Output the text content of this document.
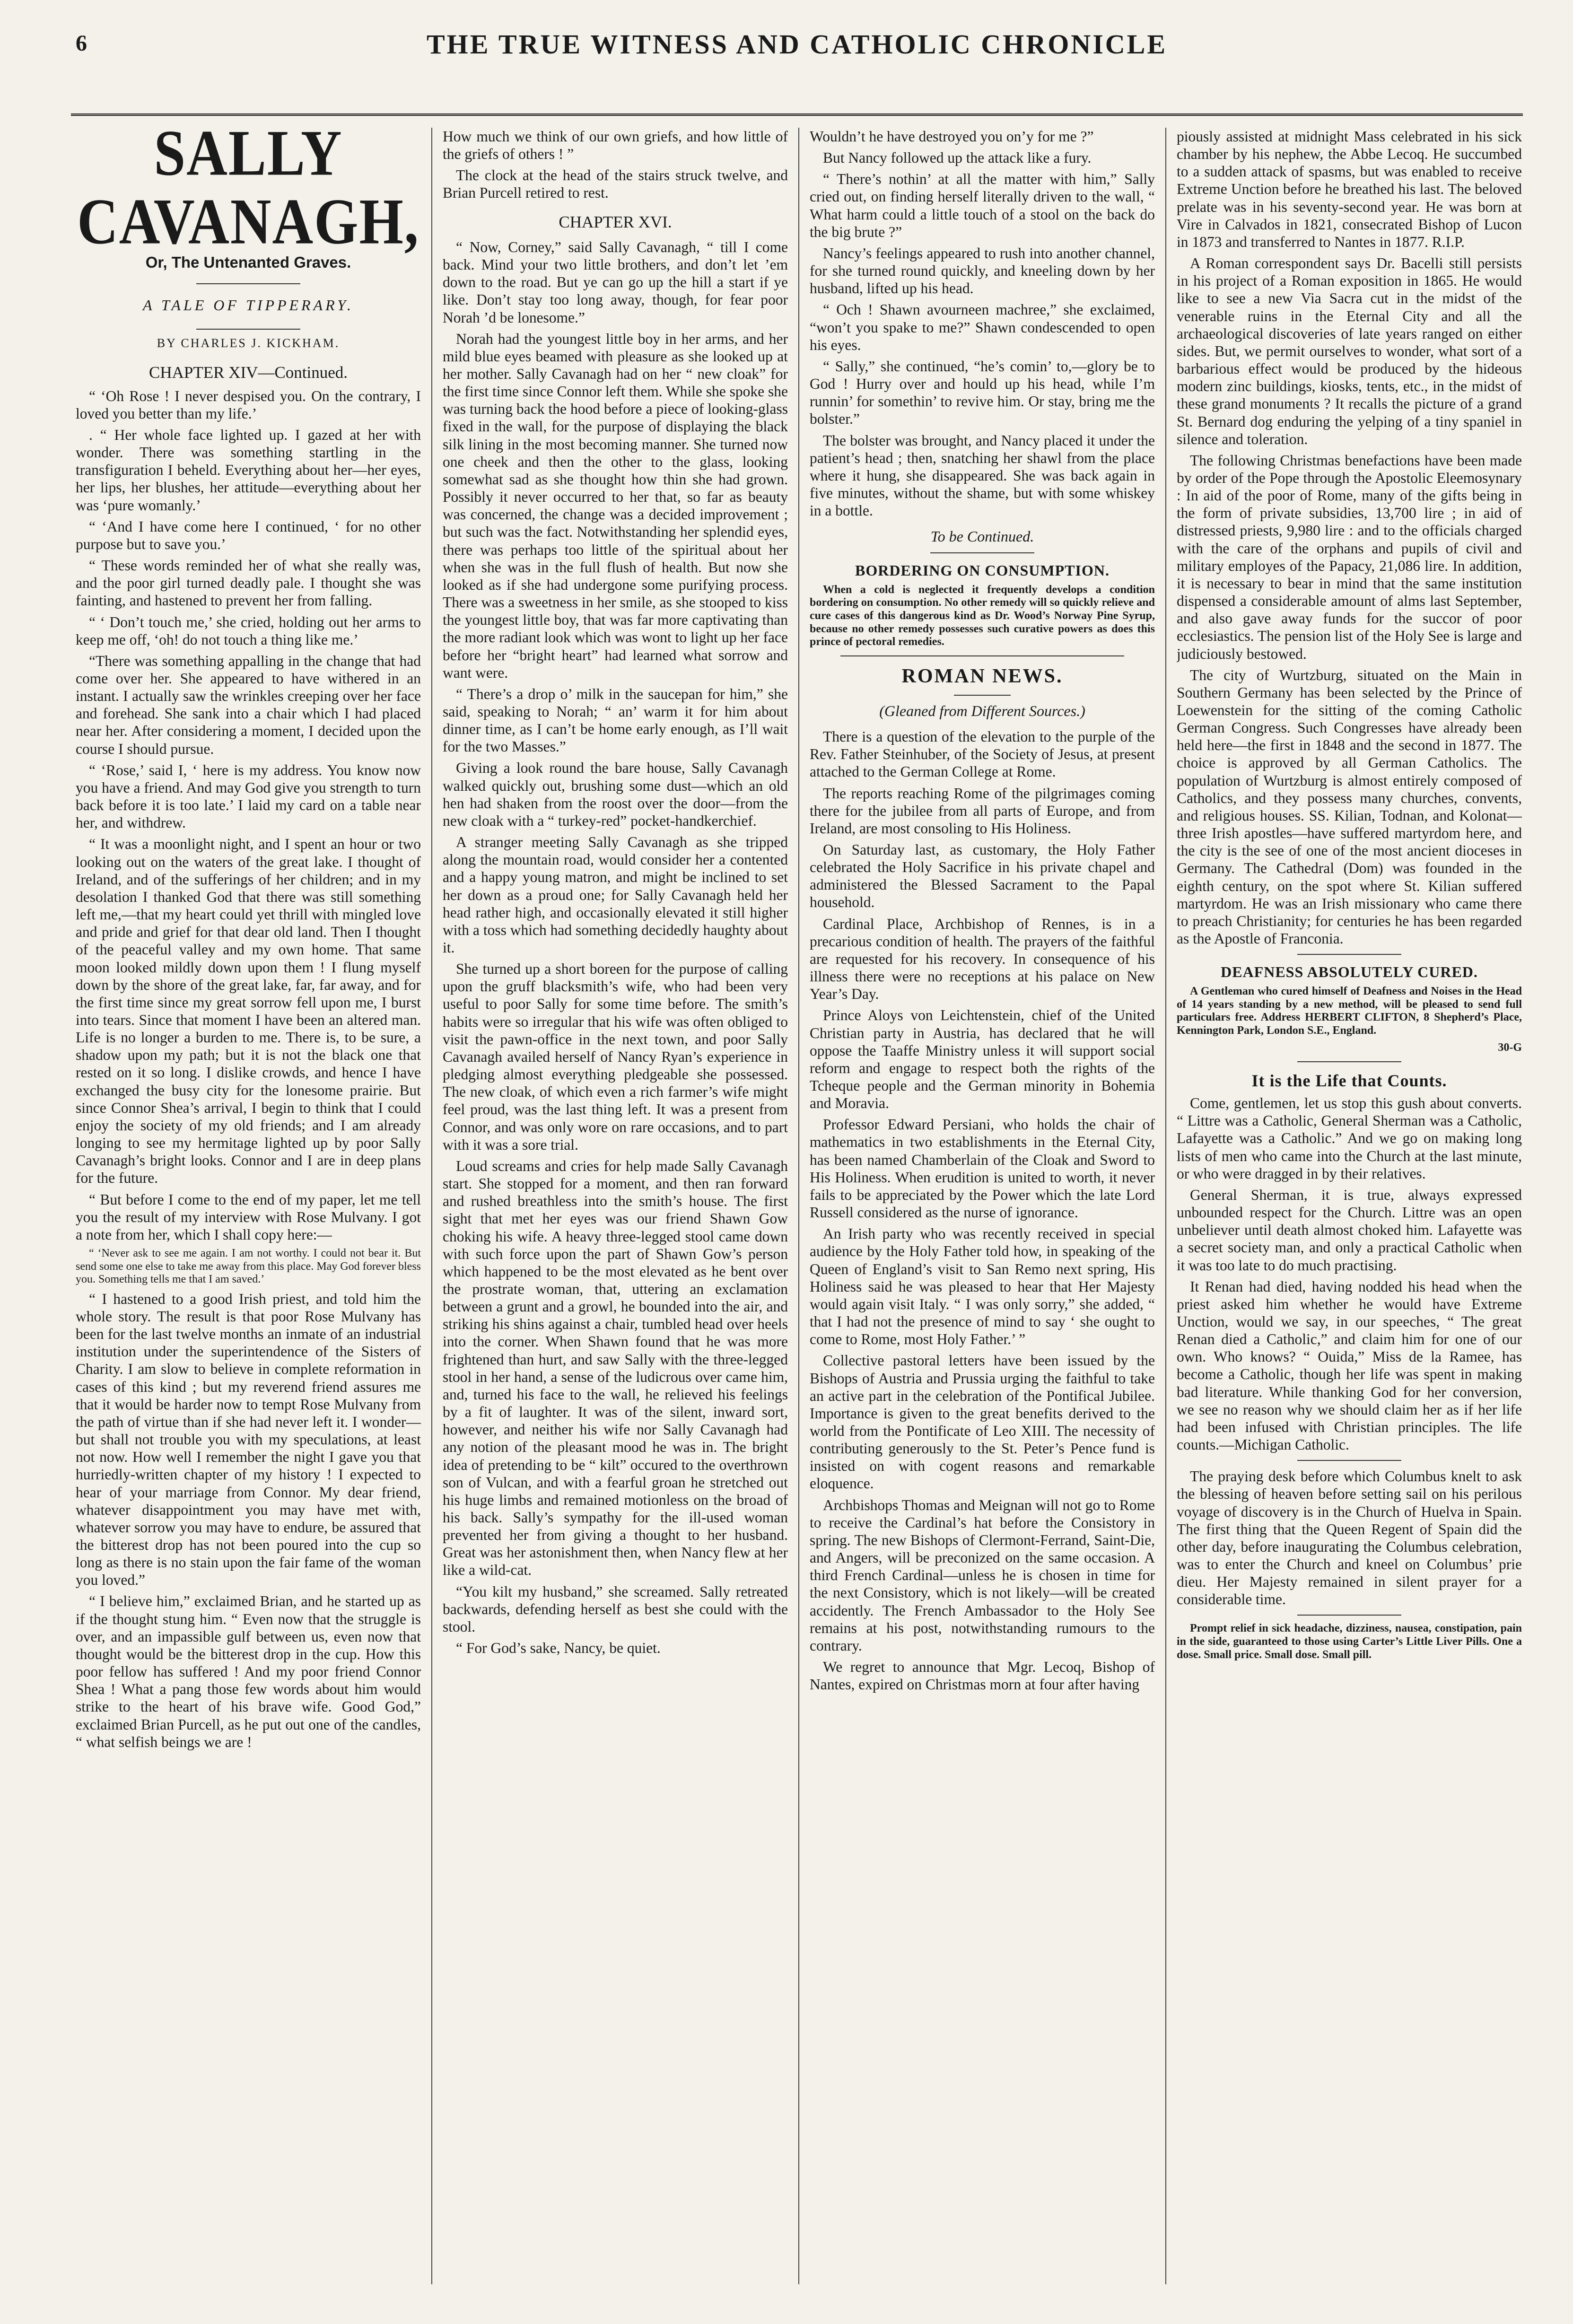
6	THE TRUE WITNESS AND CATHOLIC CHRONICLE
SALLY CAVANAGH,
Or, The Untenanted Graves.
A TALE OF TIPPERARY.
BY CHARLES J. KICKHAM.
CHAPTER XIV—Continued.

“ ‘Oh Rose ! I never despised you. On the contrary, I loved you better than my life.’

. “ Her whole face lighted up. I gazed at her with wonder. There was something startling in the transfiguration I beheld. Everything about her—her eyes, her lips, her blushes, her attitude—everything about her was ‘pure womanly.’

“ ‘And I have come here I continued, ‘ for no other purpose but to save you.’

“ These words reminded her of what she really was, and the poor girl turned deadly pale. I thought she was fainting, and hastened to prevent her from falling.

“ ‘ Don’t touch me,’ she cried, holding out her arms to keep me off, ‘oh! do not touch a thing like me.’

“There was something appalling in the change that had come over her. She appeared to have withered in an instant. I actually saw the wrinkles creeping over her face and forehead. She sank into a chair which I had placed near her. After considering a moment, I decided upon the course I should pursue.

“ ‘Rose,’ said I, ‘ here is my address. You know now you have a friend. And may God give you strength to turn back before it is too late.’ I laid my card on a table near her, and withdrew.

“ It was a moonlight night, and I spent an hour or two looking out on the waters of the great lake. I thought of Ireland, and of the sufferings of her children; and in my desolation I thanked God that there was still something left me,—that my heart could yet thrill with mingled love and pride and grief for that dear old land. Then I thought of the peaceful valley and my own home. That same moon looked mildly down upon them ! I flung myself down by the shore of the great lake, far, far away, and for the first time since my great sorrow fell upon me, I burst into tears. Since that moment I have been an altered man. Life is no longer a burden to me. There is, to be sure, a shadow upon my path; but it is not the black one that rested on it so long. I dislike crowds, and hence I have exchanged the busy city for the lonesome prairie. But since Connor Shea’s arrival, I begin to think that I could enjoy the society of my old friends; and I am already longing to see my hermitage lighted up by poor Sally Cavanagh’s bright looks. Connor and I are in deep plans for the future.

“ But before I come to the end of my paper, let me tell you the result of my interview with Rose Mulvany. I got a note from her, which I shall copy here:—

“ ‘Never ask to see me again. I am not worthy. I could not bear it. But send some one else to take me away from this place. May God forever bless you. Something tells me that I am saved.’

“ I hastened to a good Irish priest, and told him the whole story. The result is that poor Rose Mulvany has been for the last twelve months an inmate of an industrial institution under the superintendence of the Sisters of Charity. I am slow to believe in complete reformation in cases of this kind ; but my reverend friend assures me that it would be harder now to tempt Rose Mulvany from the path of virtue than if she had never left it. I wonder—but shall not trouble you with my speculations, at least not now. How well I remember the night I gave you that hurriedly-written chapter of my history ! I expected to hear of your marriage from Connor. My dear friend, whatever disappointment you may have met with, whatever sorrow you may have to endure, be assured that the bitterest drop has not been poured into the cup so long as there is no stain upon the fair fame of the woman you loved.”

“ I believe him,” exclaimed Brian, and he started up as if the thought stung him. “ Even now that the struggle is over, and an impassible gulf between us, even now that thought would be the bitterest drop in the cup. How this poor fellow has suffered ! And my poor friend Connor Shea ! What a pang those few words about him would strike to the heart of his brave wife. Good God,” exclaimed Brian Purcell, as he put out one of the candles, “ what selfish beings we are !

How much we think of our own griefs, and how little of the griefs of others ! ”

The clock at the head of the stairs struck twelve, and Brian Purcell retired to rest.

CHAPTER XVI.

“ Now, Corney,” said Sally Cavanagh, “ till I come back. Mind your two little brothers, and don’t let ’em down to the road. But ye can go up the hill a start if ye like. Don’t stay too long away, though, for fear poor Norah ’d be lonesome.”

Norah had the youngest little boy in her arms, and her mild blue eyes beamed with pleasure as she looked up at her mother. Sally Cavanagh had on her “ new cloak” for the first time since Connor left them. While she spoke she was turning back the hood before a piece of looking-glass fixed in the wall, for the purpose of displaying the black silk lining in the most becoming manner. She turned now one cheek and then the other to the glass, looking somewhat sad as she thought how thin she had grown. Possibly it never occurred to her that, so far as beauty was concerned, the change was a decided improvement ; but such was the fact. Notwithstanding her splendid eyes, there was perhaps too little of the spiritual about her when she was in the full flush of health. But now she looked as if she had undergone some purifying process. There was a sweetness in her smile, as she stooped to kiss the youngest little boy, that was far more captivating than the more radiant look which was wont to light up her face before her “bright heart” had learned what sorrow and want were.

“ There’s a drop o’ milk in the saucepan for him,” she said, speaking to Norah; “ an’ warm it for him about dinner time, as I can’t be home early enough, as I’ll wait for the two Masses.”

Giving a look round the bare house, Sally Cavanagh walked quickly out, brushing some dust—which an old hen had shaken from the roost over the door—from the new cloak with a “ turkey-red” pocket-handkerchief.

A stranger meeting Sally Cavanagh as she tripped along the mountain road, would consider her a contented and a happy young matron, and might be inclined to set her down as a proud one; for Sally Cavanagh held her head rather high, and occasionally elevated it still higher with a toss which had something decidedly haughty about it.

She turned up a short boreen for the purpose of calling upon the gruff blacksmith’s wife, who had been very useful to poor Sally for some time before. The smith’s habits were so irregular that his wife was often obliged to visit the pawn-office in the next town, and poor Sally Cavanagh availed herself of Nancy Ryan’s experience in pledging almost everything pledgeable she possessed. The new cloak, of which even a rich farmer’s wife might feel proud, was the last thing left. It was a present from Connor, and was only wore on rare occasions, and to part with it was a sore trial.

Loud screams and cries for help made Sally Cavanagh start. She stopped for a moment, and then ran forward and rushed breathless into the smith’s house. The first sight that met her eyes was our friend Shawn Gow choking his wife. A heavy three-legged stool came down with such force upon the part of Shawn Gow’s person which happened to be the most elevated as he bent over the prostrate woman, that, uttering an exclamation between a grunt and a growl, he bounded into the air, and striking his shins against a chair, tumbled head over heels into the corner. When Shawn found that he was more frightened than hurt, and saw Sally with the three-legged stool in her hand, a sense of the ludicrous over came him, and, turned his face to the wall, he relieved his feelings by a fit of laughter. It was of the silent, inward sort, however, and neither his wife nor Sally Cavanagh had any notion of the pleasant mood he was in. The bright idea of pretending to be “ kilt” occured to the overthrown son of Vulcan, and with a fearful groan he stretched out his huge limbs and remained motionless on the broad of his back. Sally’s sympathy for the ill-used woman prevented her from giving a thought to her husband. Great was her astonishment then, when Nancy flew at her like a wild-cat.

“You kilt my husband,” she screamed. Sally retreated backwards, defending herself as best she could with the stool.

“ For God’s sake, Nancy, be quiet.

Wouldn’t he have destroyed you on’y for me ?”

But Nancy followed up the attack like a fury.

“ There’s nothin’ at all the matter with him,” Sally cried out, on finding herself literally driven to the wall, “ What harm could a little touch of a stool on the back do the big brute ?”

Nancy’s feelings appeared to rush into another channel, for she turned round quickly, and kneeling down by her husband, lifted up his head.

“ Och ! Shawn avourneen machree,” she exclaimed, “won’t you spake to me?” Shawn condescended to open his eyes.

“ Sally,” she continued, “he’s comin’ to,—glory be to God ! Hurry over and hould up his head, while I’m runnin’ for somethin’ to revive him. Or stay, bring me the bolster.”

The bolster was brought, and Nancy placed it under the patient’s head ; then, snatching her shawl from the place where it hung, she disappeared. She was back again in five minutes, without the shame, but with some whiskey in a bottle.

To be Continued.
BORDERING ON CONSUMPTION.

When a cold is neglected it frequently develops a condition bordering on consumption. No other remedy will so quickly relieve and cure cases of this dangerous kind as Dr. Wood’s Norway Pine Syrup, because no other remedy possesses such curative powers as does this prince of pectoral remedies.

ROMAN NEWS.
(Gleaned from Different Sources.)

There is a question of the elevation to the purple of the Rev. Father Steinhuber, of the Society of Jesus, at present attached to the German College at Rome.

The reports reaching Rome of the pilgrimages coming there for the jubilee from all parts of Europe, and from Ireland, are most consoling to His Holiness.

On Saturday last, as customary, the Holy Father celebrated the Holy Sacrifice in his private chapel and administered the Blessed Sacrament to the Papal household.

Cardinal Place, Archbishop of Rennes, is in a precarious condition of health. The prayers of the faithful are requested for his recovery. In consequence of his illness there were no receptions at his palace on New Year’s Day.

Prince Aloys von Leichtenstein, chief of the United Christian party in Austria, has declared that he will oppose the Taaffe Ministry unless it will support social reform and engage to respect both the rights of the Tcheque people and the German minority in Bohemia and Moravia.

Professor Edward Persiani, who holds the chair of mathematics in two establishments in the Eternal City, has been named Chamberlain of the Cloak and Sword to His Holiness. When erudition is united to worth, it never fails to be appreciated by the Power which the late Lord Russell considered as the nurse of ignorance.

An Irish party who was recently received in special audience by the Holy Father told how, in speaking of the Queen of England’s visit to San Remo next spring, His Holiness said he was pleased to hear that Her Majesty would again visit Italy. “ I was only sorry,” she added, “ that I had not the presence of mind to say ‘ she ought to come to Rome, most Holy Father.’ ”

Collective pastoral letters have been issued by the Bishops of Austria and Prussia urging the faithful to take an active part in the celebration of the Pontifical Jubilee. Importance is given to the great benefits derived to the world from the Pontificate of Leo XIII. The necessity of contributing generously to the St. Peter’s Pence fund is insisted on with cogent reasons and remarkable eloquence.

Archbishops Thomas and Meignan will not go to Rome to receive the Cardinal’s hat before the Consistory in spring. The new Bishops of Clermont-Ferrand, Saint-Die, and Angers, will be preconized on the same occasion. A third French Cardinal—unless he is chosen in time for the next Consistory, which is not likely—will be created accidently. The French Ambassador to the Holy See remains at his post, notwithstanding rumours to the contrary.

We regret to announce that Mgr. Lecoq, Bishop of Nantes, expired on Christmas morn at four after having

piously assisted at midnight Mass celebrated in his sick chamber by his nephew, the Abbe Lecoq. He succumbed to a sudden attack of spasms, but was enabled to receive Extreme Unction before he breathed his last. The beloved prelate was in his seventy-second year. He was born at Vire in Calvados in 1821, consecrated Bishop of Lucon in 1873 and transferred to Nantes in 1877. R.I.P.

A Roman correspondent says Dr. Bacelli still persists in his project of a Roman exposition in 1865. He would like to see a new Via Sacra cut in the midst of the venerable ruins in the Eternal City and all the archaeological discoveries of late years ranged on either sides. But, we permit ourselves to wonder, what sort of a barbarious effect would be produced by the hideous modern zinc buildings, kiosks, tents, etc., in the midst of these grand monuments ? It recalls the picture of a grand St. Bernard dog enduring the yelping of a tiny spaniel in silence and toleration.

The following Christmas benefactions have been made by order of the Pope through the Apostolic Eleemosynary : In aid of the poor of Rome, many of the gifts being in the form of private subsidies, 13,700 lire ; in aid of distressed priests, 9,980 lire : and to the officials charged with the care of the orphans and pupils of civil and military employes of the Papacy, 21,086 lire. In addition, it is necessary to bear in mind that the same institution dispensed a considerable amount of alms last September, and also gave away funds for the succor of poor ecclesiastics. The pension list of the Holy See is large and judiciously bestowed.

The city of Wurtzburg, situated on the Main in Southern Germany has been selected by the Prince of Loewenstein for the sitting of the coming Catholic German Congress. Such Congresses have already been held here—the first in 1848 and the second in 1877. The choice is approved by all German Catholics. The population of Wurtzburg is almost entirely composed of Catholics, and they possess many churches, convents, and religious houses. SS. Kilian, Todnan, and Kolonat—three Irish apostles—have suffered martyrdom here, and the city is the see of one of the most ancient dioceses in Germany. The Cathedral (Dom) was founded in the eighth century, on the spot where St. Kilian suffered martyrdom. He was an Irish missionary who came there to preach Christianity; for centuries he has been regarded as the Apostle of Franconia.

DEAFNESS ABSOLUTELY CURED.

A Gentleman who cured himself of Deafness and Noises in the Head of 14 years standing by a new method, will be pleased to send full particulars free. Address HERBERT CLIFTON, 8 Shepherd’s Place, Kennington Park, London S.E., England.

30-G
It is the Life that Counts.

Come, gentlemen, let us stop this gush about converts. “ Littre was a Catholic, General Sherman was a Catholic, Lafayette was a Catholic.” And we go on making long lists of men who came into the Church at the last minute, or who were dragged in by their relatives.

General Sherman, it is true, always expressed unbounded respect for the Church. Littre was an open unbeliever until death almost choked him. Lafayette was a secret society man, and only a practical Catholic when it was too late to do much practising.

It Renan had died, having nodded his head when the priest asked him whether he would have Extreme Unction, would we say, in our speeches, “ The great Renan died a Catholic,” and claim him for one of our own. Who knows? “ Ouida,” Miss de la Ramee, has become a Catholic, though her life was spent in making bad literature. While thanking God for her conversion, we see no reason why we should claim her as if her life had been infused with Christian principles. The life counts.—Michigan Catholic.

The praying desk before which Columbus knelt to ask the blessing of heaven before setting sail on his perilous voyage of discovery is in the Church of Huelva in Spain. The first thing that the Queen Regent of Spain did the other day, before inaugurating the Columbus celebration, was to enter the Church and kneel on Columbus’ prie dieu. Her Majesty remained in silent prayer for a considerable time.

Prompt relief in sick headache, dizziness, nausea, constipation, pain in the side, guaranteed to those using Carter’s Little Liver Pills. One a dose. Small price. Small dose. Small pill.
